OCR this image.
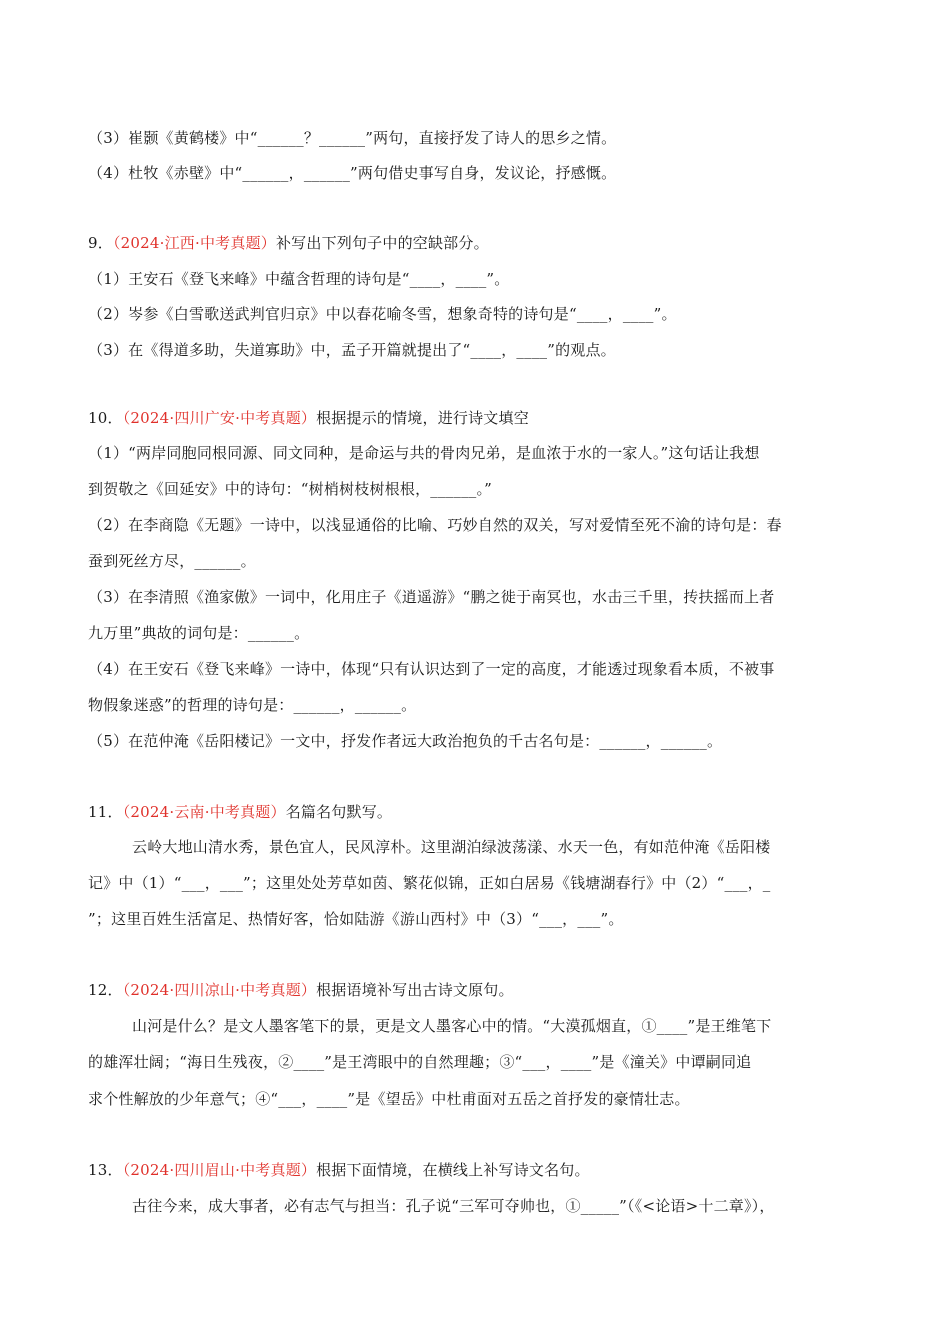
（3）崔颢《黄鹤楼》中“______？______”两句，直接抒发了诗人的思乡之情。
（4）杜牧《赤壁》中“______，______”两句借史事写自身，发议论，抒感慨。
9．（2024·江西·中考真题）补写出下列句子中的空缺部分。
（1）王安石《登飞来峰》中蕴含哲理的诗句是“____，____”。
（2）岑参《白雪歌送武判官归京》中以春花喻冬雪，想象奇特的诗句是“____，____”。
（3）在《得道多助，失道寡助》中，孟子开篇就提出了“____，____”的观点。
10．（2024·四川广安·中考真题）根据提示的情境，进行诗文填空
（1）“两岸同胞同根同源、同文同种，是命运与共的骨肉兄弟，是血浓于水的一家人。”这句话让我想
到贺敬之《回延安》中的诗句：“树梢树枝树根根，______。”
（2）在李商隐《无题》一诗中，以浅显通俗的比喻、巧妙自然的双关，写对爱情至死不渝的诗句是：春
蚕到死丝方尽，______。
（3）在李清照《渔家傲》一词中，化用庄子《逍遥游》“鹏之徙于南冥也，水击三千里，抟扶摇而上者
九万里”典故的词句是：______。
（4）在王安石《登飞来峰》一诗中，体现“只有认识达到了一定的高度，才能透过现象看本质，不被事
物假象迷惑”的哲理的诗句是：______，______。
（5）在范仲淹《岳阳楼记》一文中，抒发作者远大政治抱负的千古名句是：______，______。
11．（2024·云南·中考真题）名篇名句默写。
云岭大地山清水秀，景色宜人，民风淳朴。这里湖泊绿波荡漾、水天一色，有如范仲淹《岳阳楼
记》中（1）“___，___”；这里处处芳草如茵、繁花似锦，正如白居易《钱塘湖春行》中（2）“___，_
”；这里百姓生活富足、热情好客，恰如陆游《游山西村》中（3）“___，___”。
12．（2024·四川凉山·中考真题）根据语境补写出古诗文原句。
山河是什么？是文人墨客笔下的景，更是文人墨客心中的情。“大漠孤烟直，①____”是王维笔下
的雄浑壮阔；“海日生残夜，②____”是王湾眼中的自然理趣；③“___，____”是《潼关》中谭嗣同追
求个性解放的少年意气；④“___，____”是《望岳》中杜甫面对五岳之首抒发的豪情壮志。
13．（2024·四川眉山·中考真题）根据下面情境，在横线上补写诗文名句。
古往今来，成大事者，必有志气与担当：孔子说“三军可夺帅也，①_____”（《<论语>十二章》），
